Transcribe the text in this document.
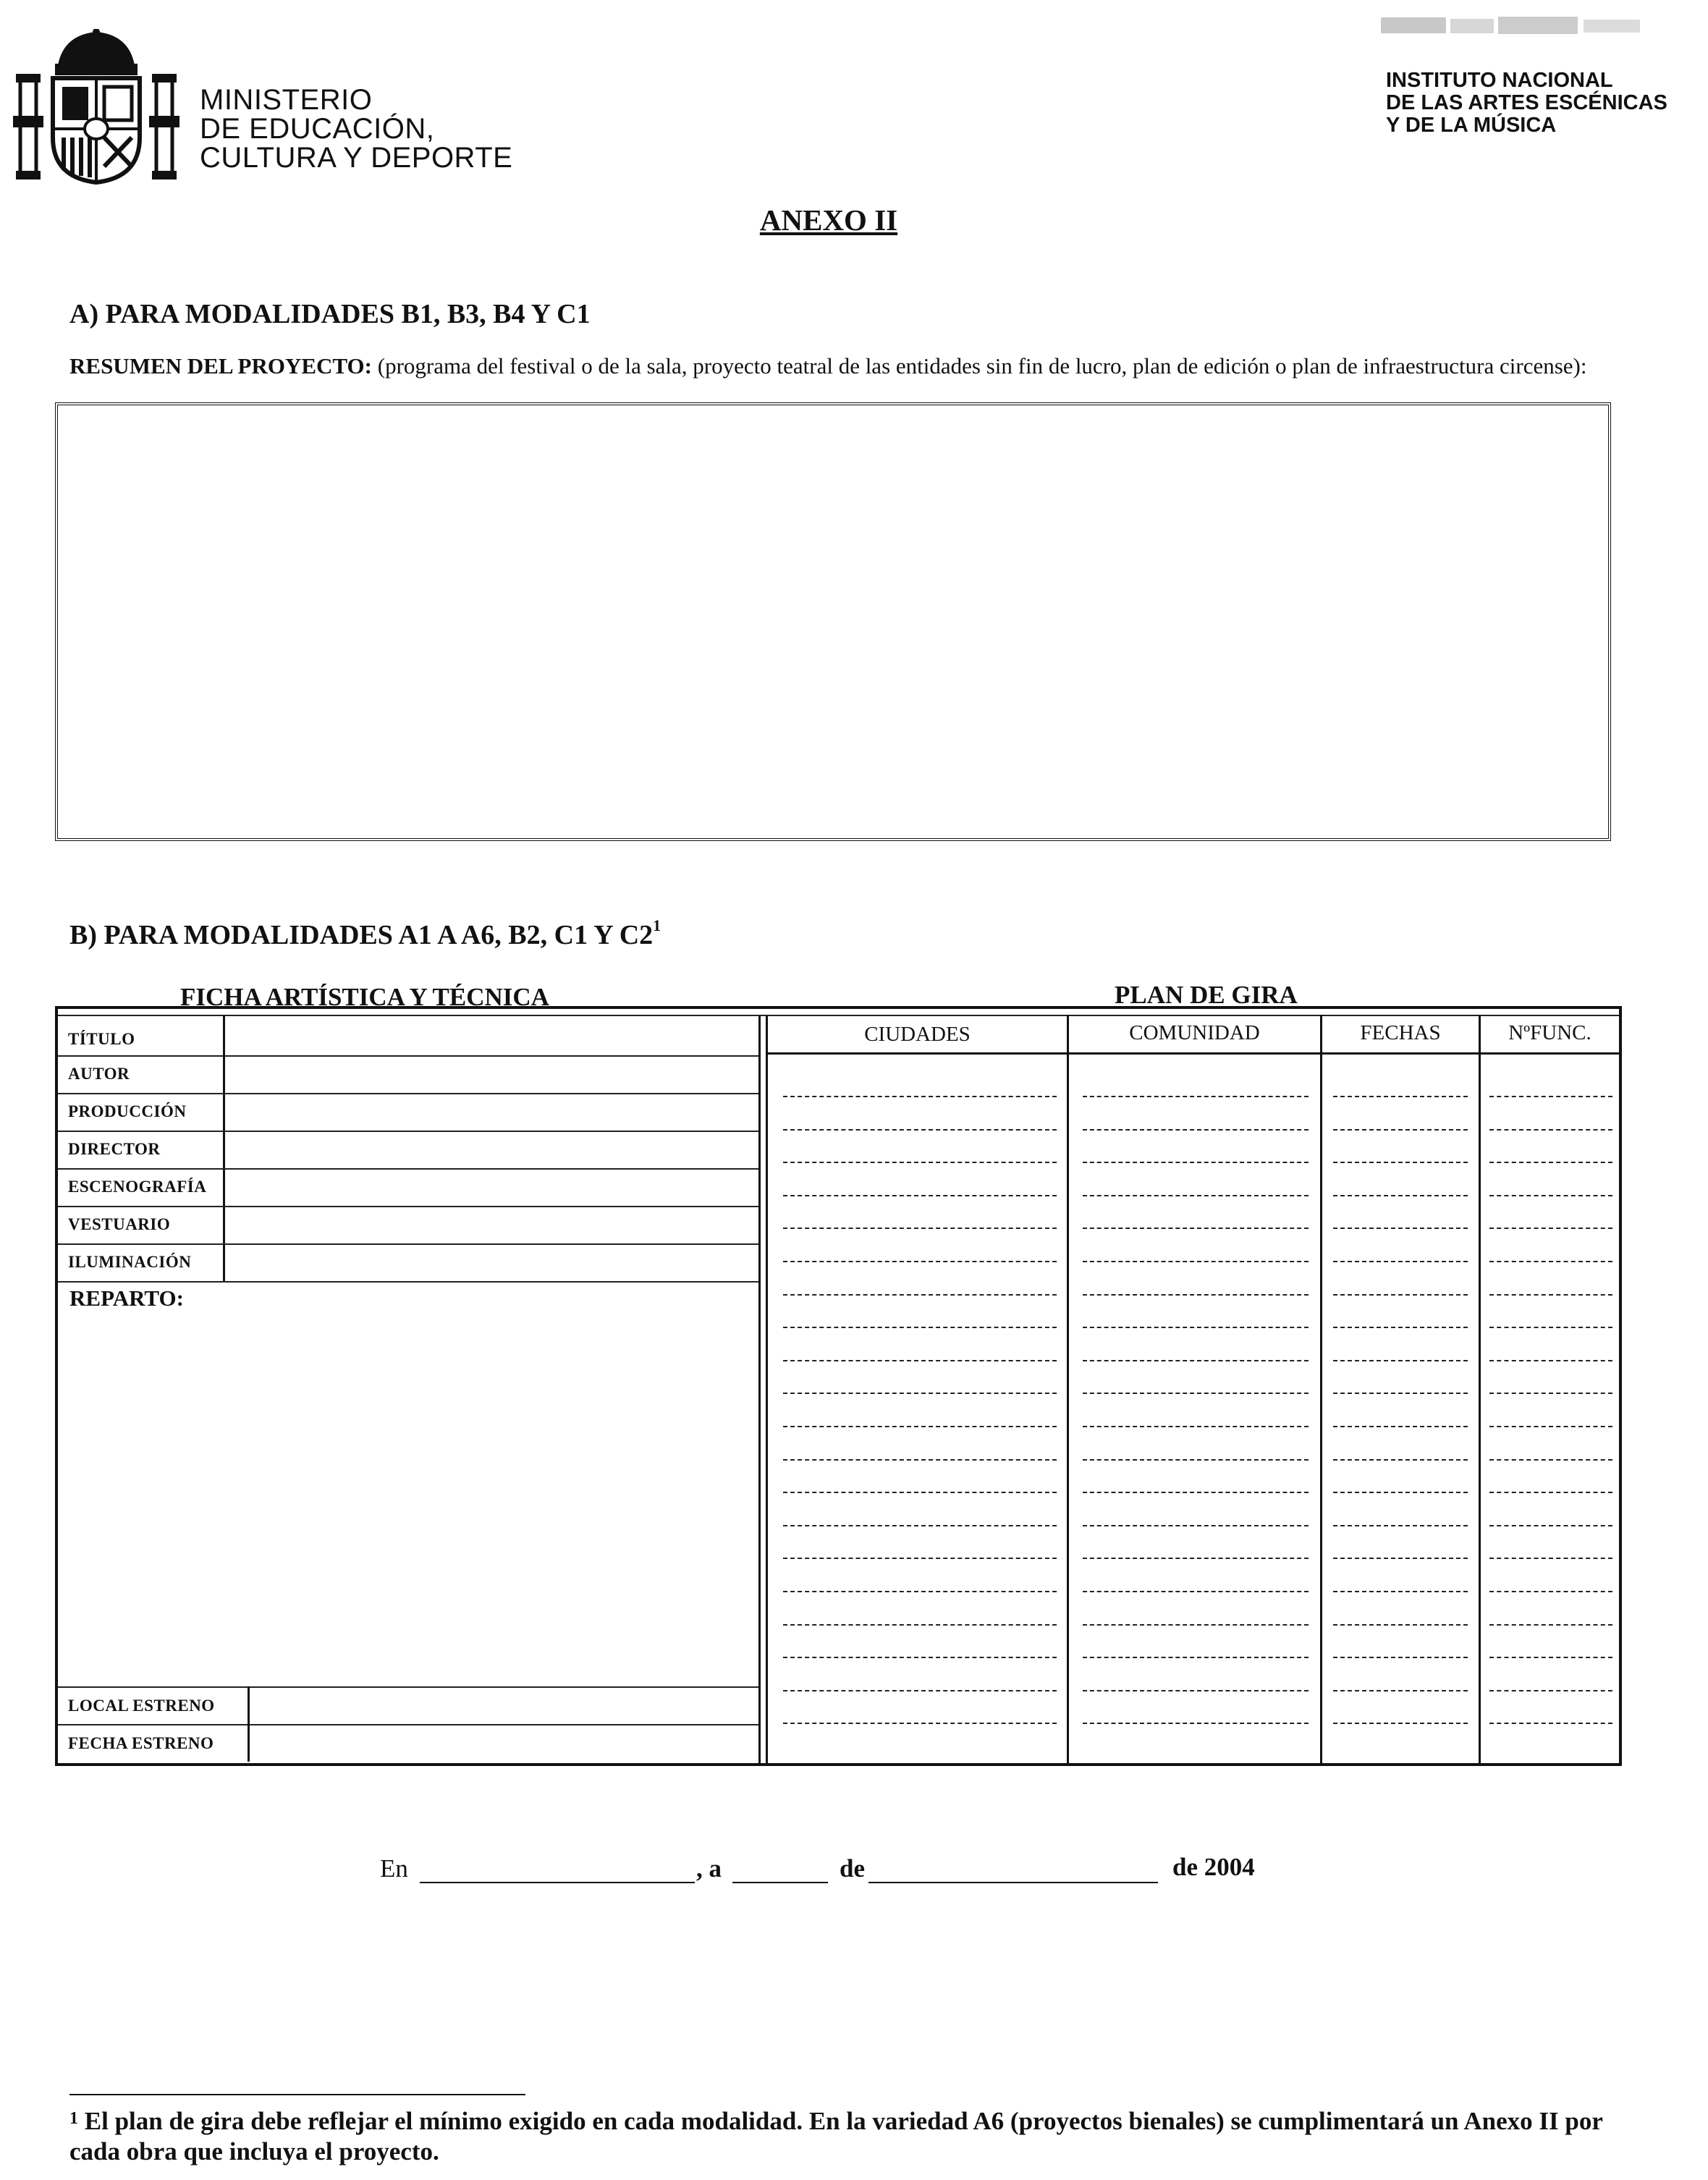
MINISTERIO
DE EDUCACIÓN,
CULTURA Y DEPORTE
INSTITUTO NACIONAL
DE LAS ARTES ESCÉNICAS
Y DE LA MÚSICA
ANEXO II
A) PARA MODALIDADES B1, B3, B4 Y C1
RESUMEN DEL PROYECTO: (programa del festival o de la sala, proyecto teatral de las entidades sin fin de lucro, plan de edición o plan de infraestructura circense):
B) PARA MODALIDADES A1 A A6, B2, C1 Y $C2^1$
FICHA ARTÍSTICA Y TÉCNICA	PLAN DE GIRA
TÍTULO
AUTOR
PRODUCCIÓN
DIRECTOR
ESCENOGRAFÍA
VESTUARIO
ILUMINACIÓN
REPARTO:
LOCAL ESTRENO
FECHA ESTRENO
CIUDADES	COMUNIDAD	FECHAS	NºFUNC.
En	, a	de	de 2004
$^1$ El plan de gira debe reflejar el mínimo exigido en cada modalidad. En la variedad A6 (proyectos bienales) se cumplimentará un Anexo II por cada obra que incluya el proyecto.
